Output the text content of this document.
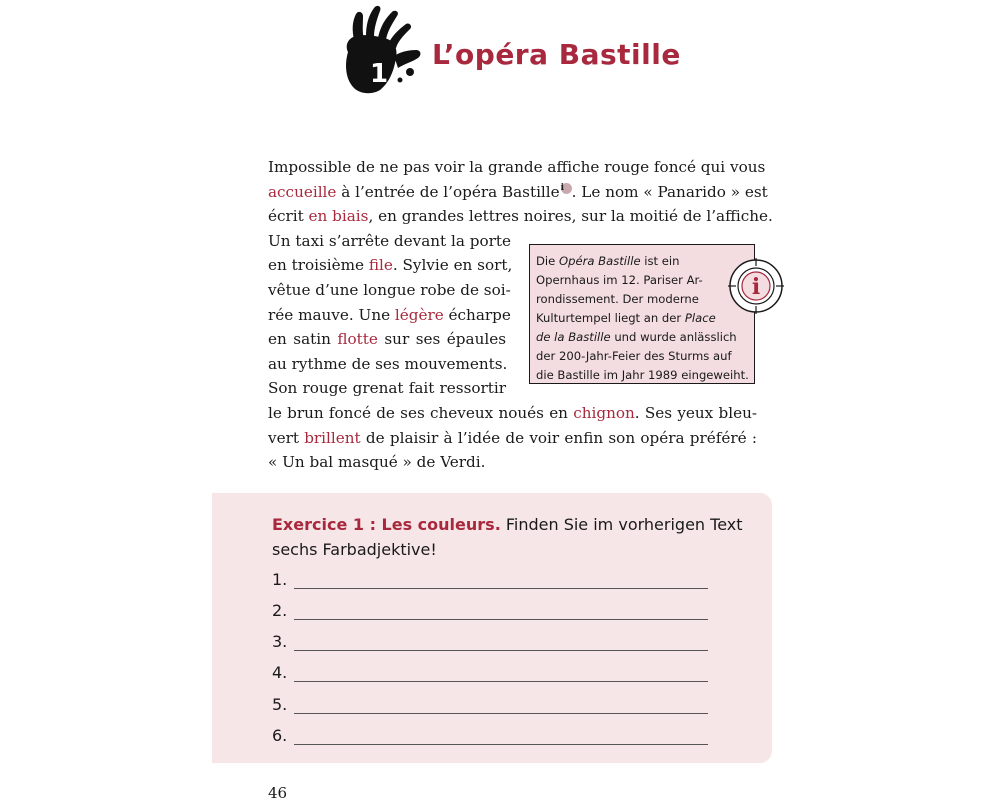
1
L’opéra Bastille
Impossible de ne pas voir la grande affiche rouge foncé qui vous
accueille à l’entrée de l’opéra Bastillei . Le nom « Panarido » est
écrit en biais, en grandes lettres noires, sur la moitié de l’affiche.
Un taxi s’arrête devant la porte
en troisième file. Sylvie en sort,
vêtue d’une longue robe de soi-
rée mauve. Une légère écharpe
en satin flotte sur ses épaules
au rythme de ses mouvements.
Son rouge grenat fait ressortir
le brun foncé de ses cheveux noués en chignon. Ses yeux bleu-
vert brillent de plaisir à l’idée de voir enfin son opéra préféré :
« Un bal masqué » de Verdi.
Die Opéra Bastille ist ein
Opernhaus im 12. Pariser Ar-
rondissement. Der moderne
Kulturtempel liegt an der Place
de la Bastille und wurde anlässlich
der 200-Jahr-Feier des Sturms auf
die Bastille im Jahr 1989 eingeweiht.
i
Exercice 1 : Les couleurs. Finden Sie im vorherigen Text sechs Farbadjektive!
1.
2.
3.
4.
5.
6.
46
